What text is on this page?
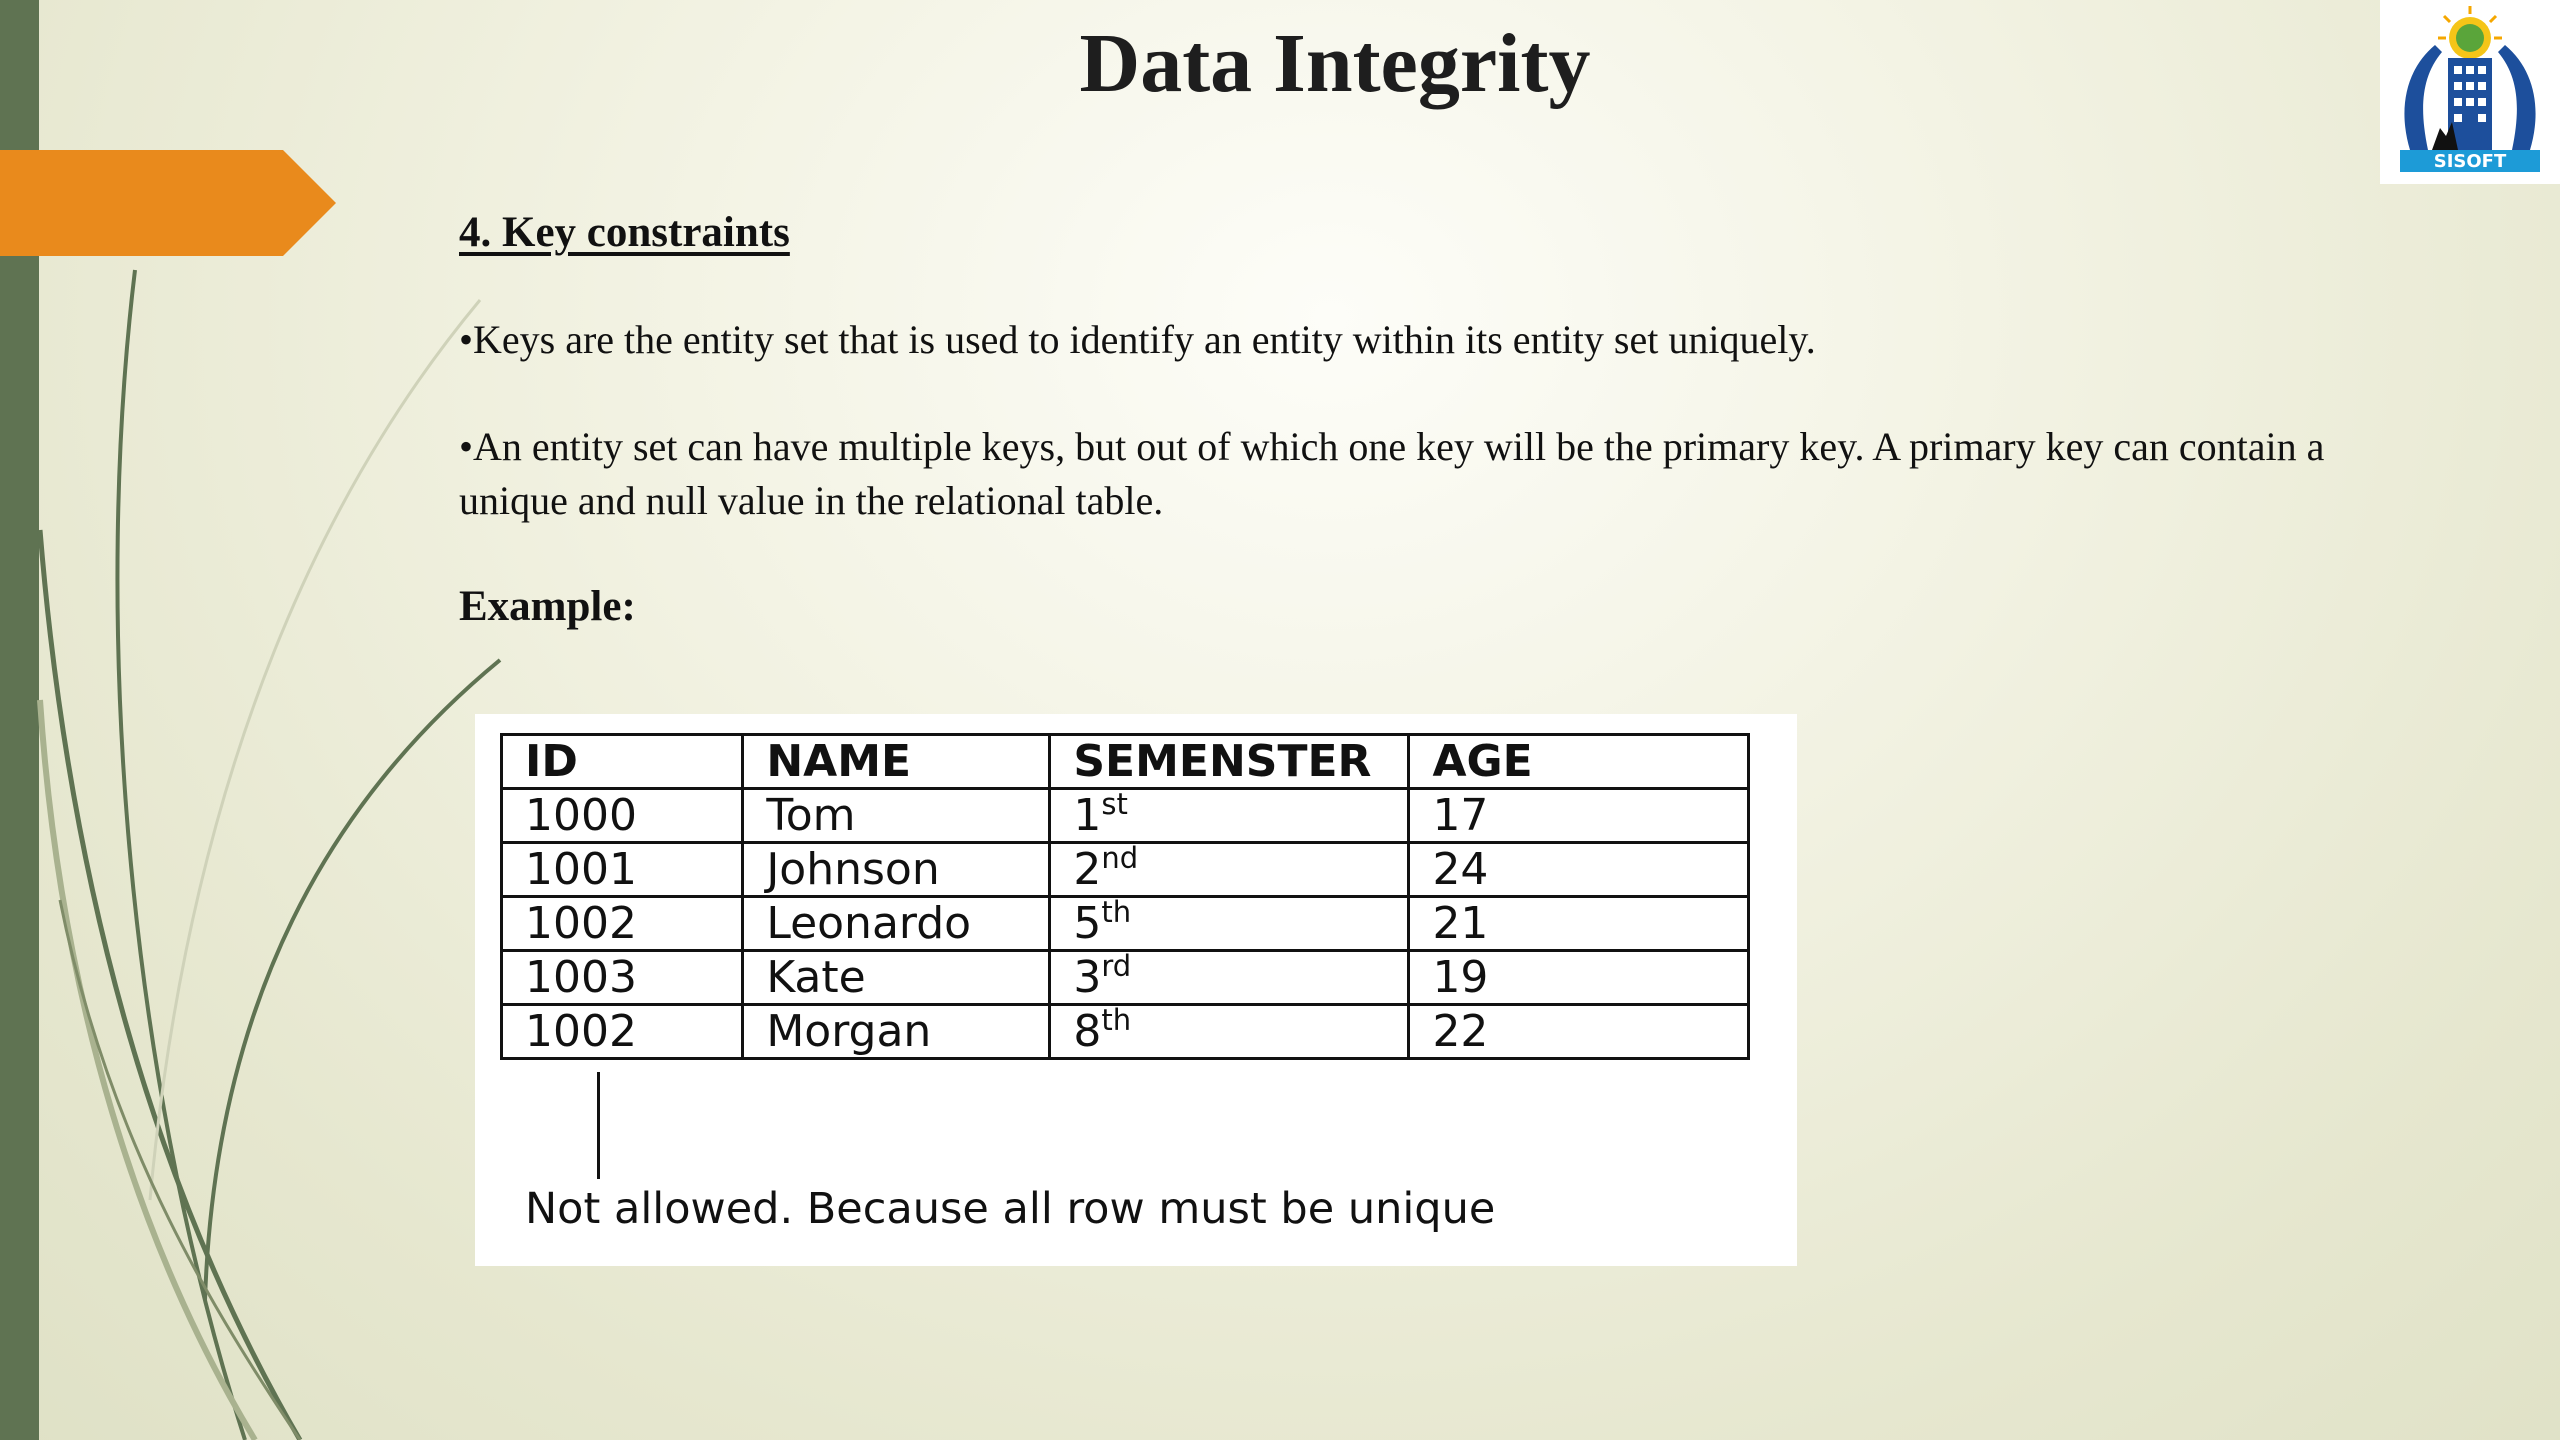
Data Integrity
SISOFT
4. Key constraints
•Keys are the entity set that is used to identify an entity within its entity set uniquely.
•An entity set can have multiple keys, but out of which one key will be the primary key. A primary key can contain a unique and null value in the relational table.
Example:
ID	NAME	SEMENSTER	AGE
1000	Tom	1st	17
1001	Johnson	2nd	24
1002	Leonardo	5th	21
1003	Kate	3rd	19
1002	Morgan	8th	22
Not allowed. Because all row must be unique
